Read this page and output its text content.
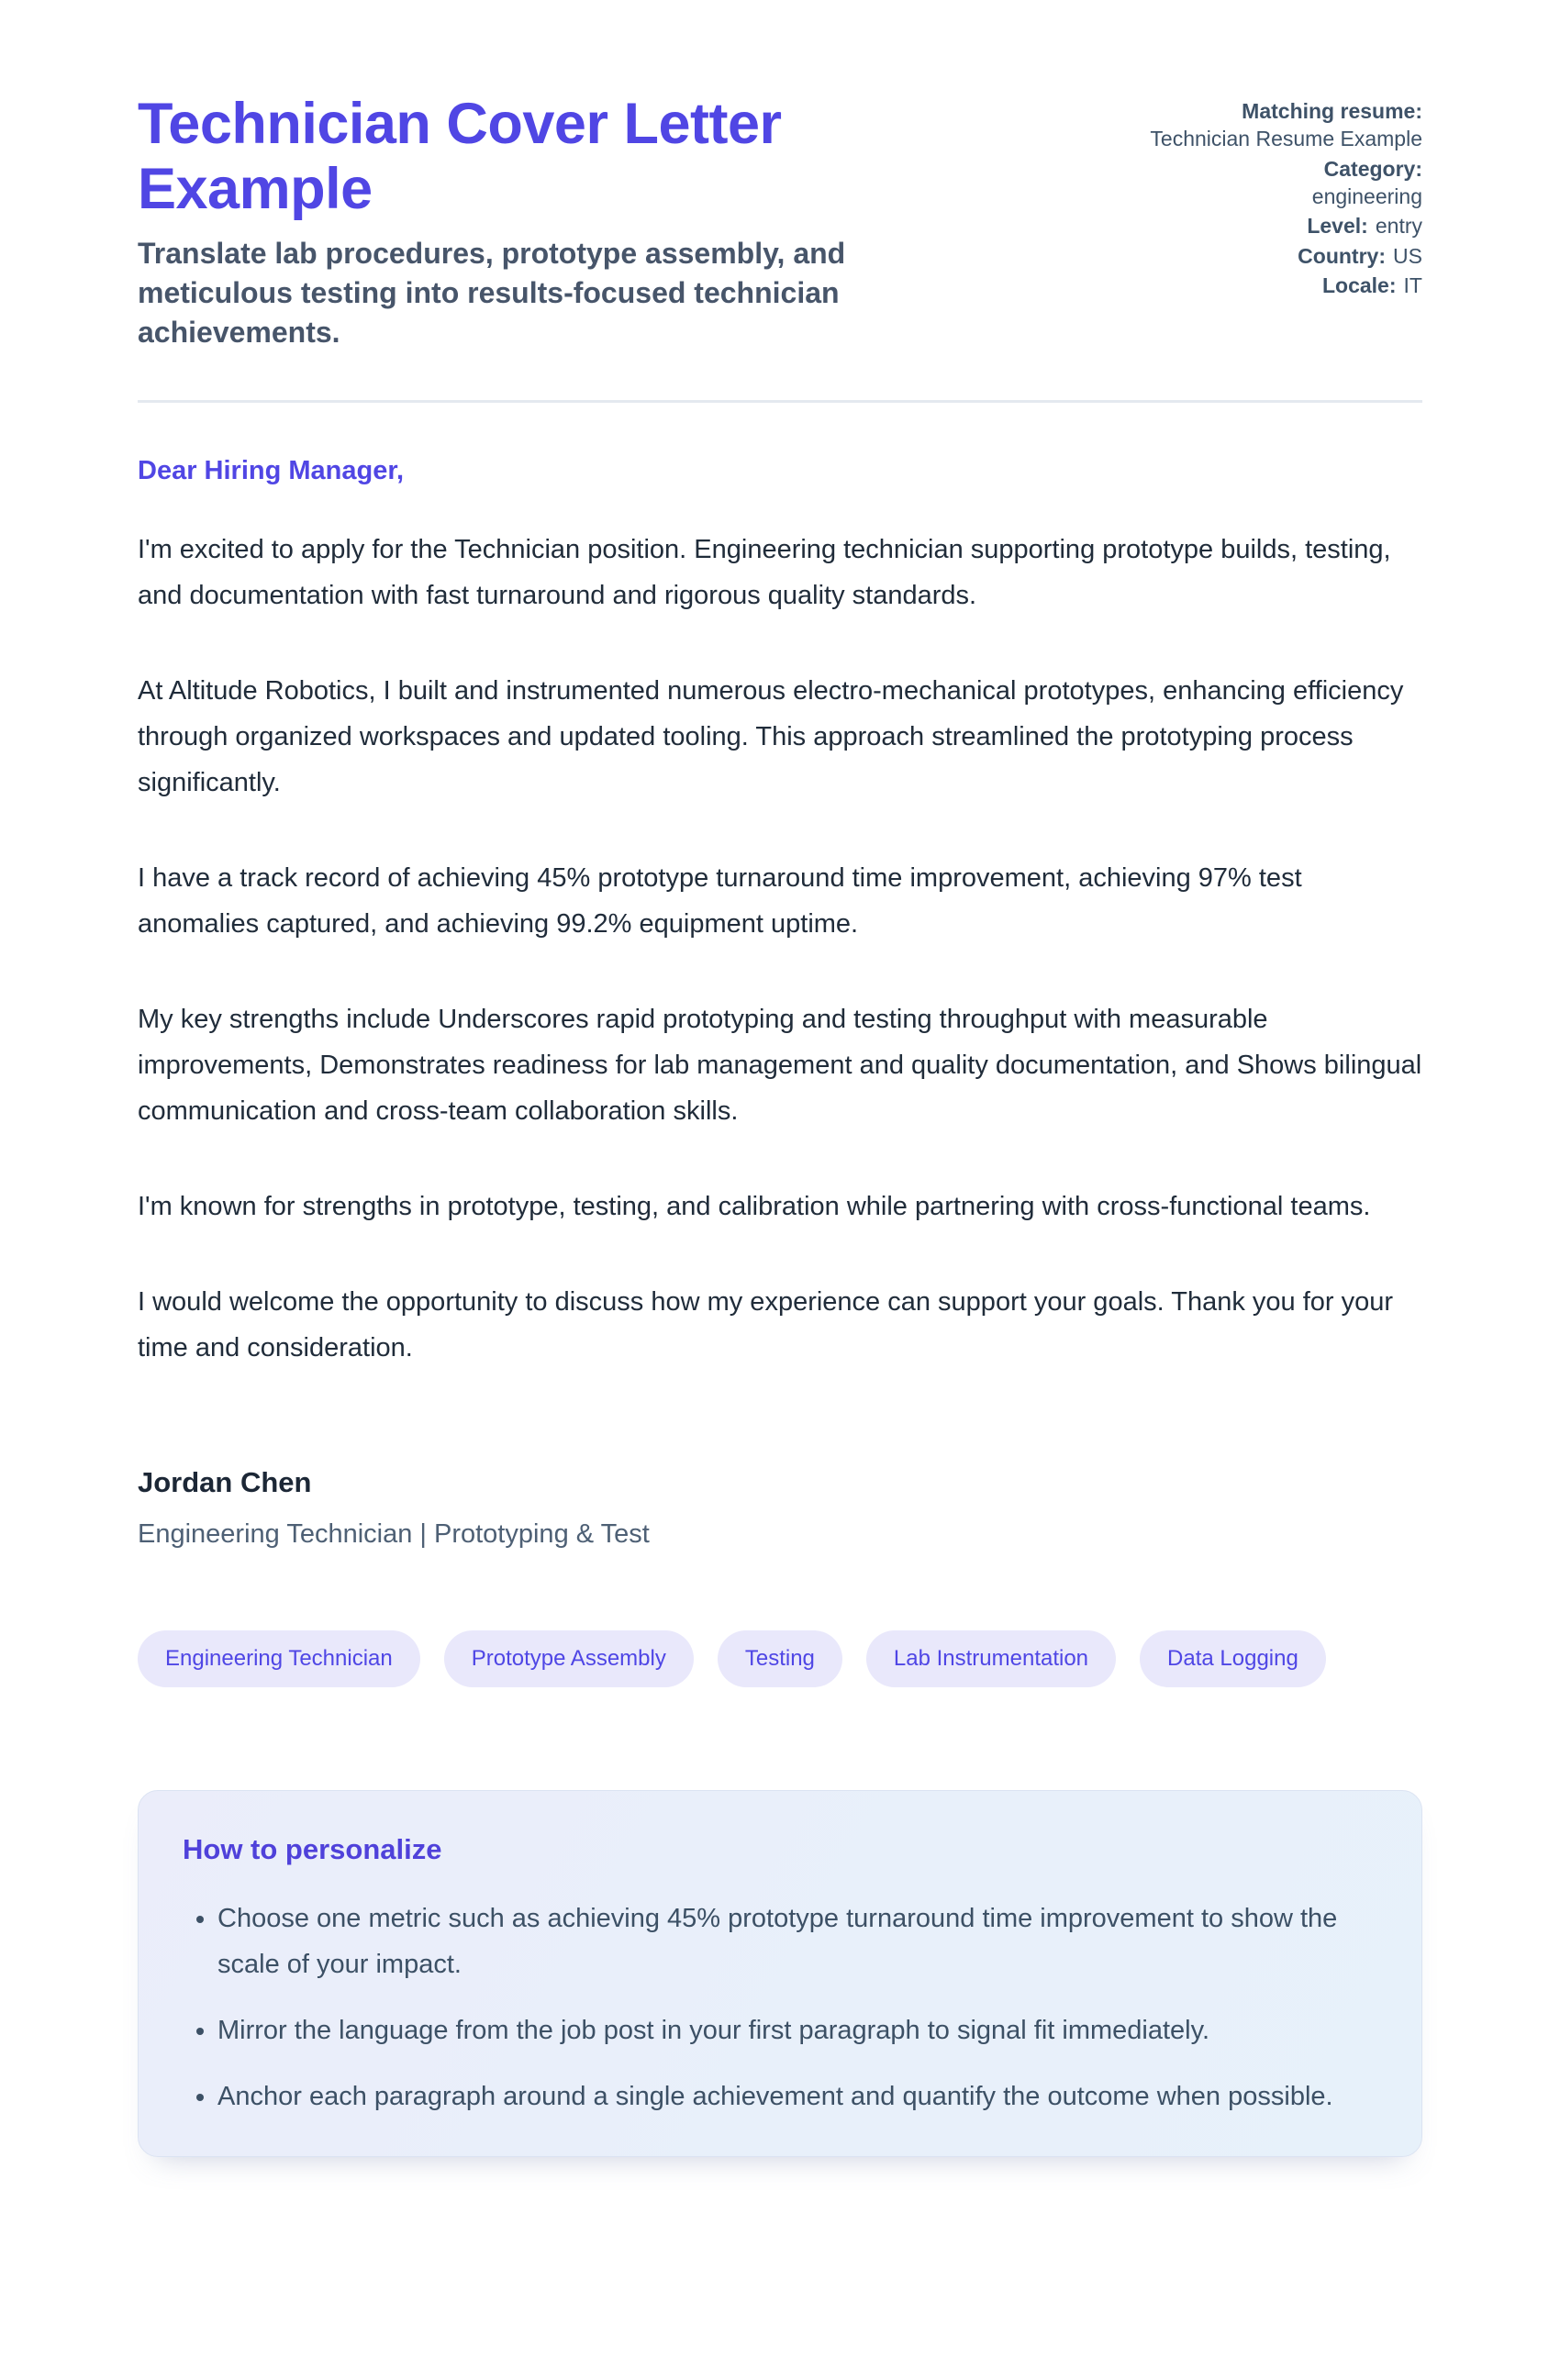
Technician Cover Letter Example
Translate lab procedures, prototype assembly, and meticulous testing into results-focused technician achievements.
Matching resume:
Technician Resume Example
Category:
engineering
Level: entry
Country: US
Locale: IT
Dear Hiring Manager,

I'm excited to apply for the Technician position. Engineering technician supporting prototype builds, testing, and documentation with fast turnaround and rigorous quality standards.

At Altitude Robotics, I built and instrumented numerous electro-mechanical prototypes, enhancing efficiency through organized workspaces and updated tooling. This approach streamlined the prototyping process significantly.

I have a track record of achieving 45% prototype turnaround time improvement, achieving 97% test anomalies captured, and achieving 99.2% equipment uptime.

My key strengths include Underscores rapid prototyping and testing throughput with measurable improvements, Demonstrates readiness for lab management and quality documentation, and Shows bilingual communication and cross-team collaboration skills.

I'm known for strengths in prototype, testing, and calibration while partnering with cross-functional teams.

I would welcome the opportunity to discuss how my experience can support your goals. Thank you for your time and consideration.

Jordan Chen
Engineering Technician | Prototyping & Test
Engineering Technician	Prototype Assembly	Testing	Lab Instrumentation	Data Logging
How to personalize
• Choose one metric such as achieving 45% prototype turnaround time improvement to show the scale of your impact.
• Mirror the language from the job post in your first paragraph to signal fit immediately.
• Anchor each paragraph around a single achievement and quantify the outcome when possible.
